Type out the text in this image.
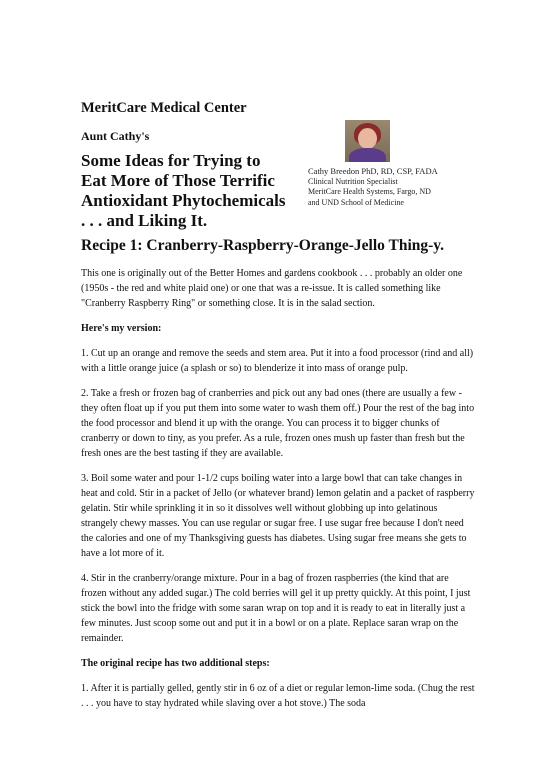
MeritCare Medical Center
Aunt Cathy's
Some Ideas for Trying to
Eat More of Those Terrific
Antioxidant Phytochemicals
. . . and Liking It.
Cathy Breedon PhD, RD, CSP, FADA
Clinical Nutrition Specialist
MeritCare Health Systems, Fargo, ND
and UND School of Medicine
Recipe 1: Cranberry-Raspberry-Orange-Jello Thing-y.

This one is originally out of the Better Homes and gardens cookbook . . . probably an older one (1950s - the red and white plaid one) or one that was a re-issue. It is called something like "Cranberry Raspberry Ring" or something close. It is in the salad section.

Here's my version:

1. Cut up an orange and remove the seeds and stem area. Put it into a food processor (rind and all) with a little orange juice (a splash or so) to blenderize it into mass of orange pulp.

2. Take a fresh or frozen bag of cranberries and pick out any bad ones (there are usually a few - they often float up if you put them into some water to wash them off.) Pour the rest of the bag into the food processor and blend it up with the orange. You can process it to bigger chunks of cranberry or down to tiny, as you prefer. As a rule, frozen ones mush up faster than fresh but the fresh ones are the best tasting if they are available.

3. Boil some water and pour 1-1/2 cups boiling water into a large bowl that can take changes in heat and cold. Stir in a packet of Jello (or whatever brand) lemon gelatin and a packet of raspberry gelatin. Stir while sprinkling it in so it dissolves well without globbing up into gelatinous strangely chewy masses. You can use regular or sugar free. I use sugar free because I don't need the calories and one of my Thanksgiving guests has diabetes. Using sugar free means she gets to have a lot more of it.

4. Stir in the cranberry/orange mixture. Pour in a bag of frozen raspberries (the kind that are frozen without any added sugar.) The cold berries will gel it up pretty quickly. At this point, I just stick the bowl into the fridge with some saran wrap on top and it is ready to eat in literally just a few minutes. Just scoop some out and put it in a bowl or on a plate. Replace saran wrap on the remainder.

The original recipe has two additional steps:

1. After it is partially gelled, gently stir in 6 oz of a diet or regular lemon-lime soda. (Chug the rest . . . you have to stay hydrated while slaving over a hot stove.) The soda
